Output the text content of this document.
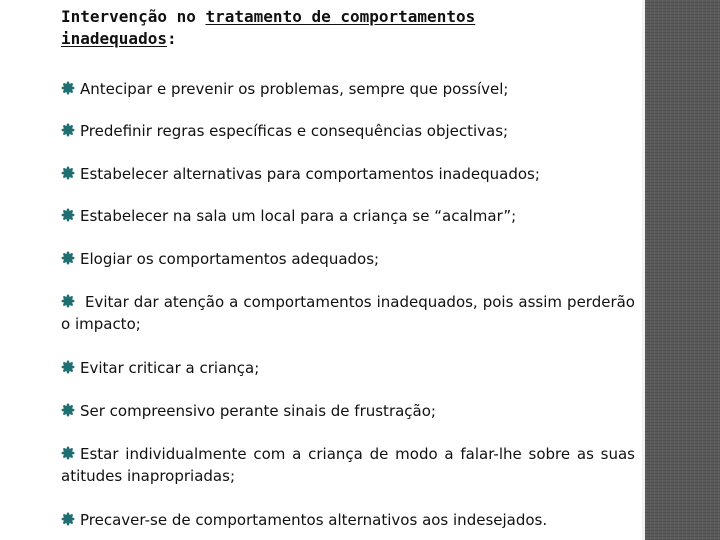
Intervenção no tratamento de comportamentos
inadequados:
Antecipar e prevenir os problemas, sempre que possível;
Predefinir regras específicas e consequências objectivas;
Estabelecer alternativas para comportamentos inadequados;
Estabelecer na sala um local para a criança se “acalmar”;
Elogiar os comportamentos adequados;
Evitar dar atenção a comportamentos inadequados, pois assim perderão o impacto;
Evitar criticar a criança;
Ser compreensivo perante sinais de frustração;
Estar individualmente com a criança de modo a falar-lhe sobre as suas atitudes inapropriadas;
Precaver-se de comportamentos alternativos aos indesejados.
